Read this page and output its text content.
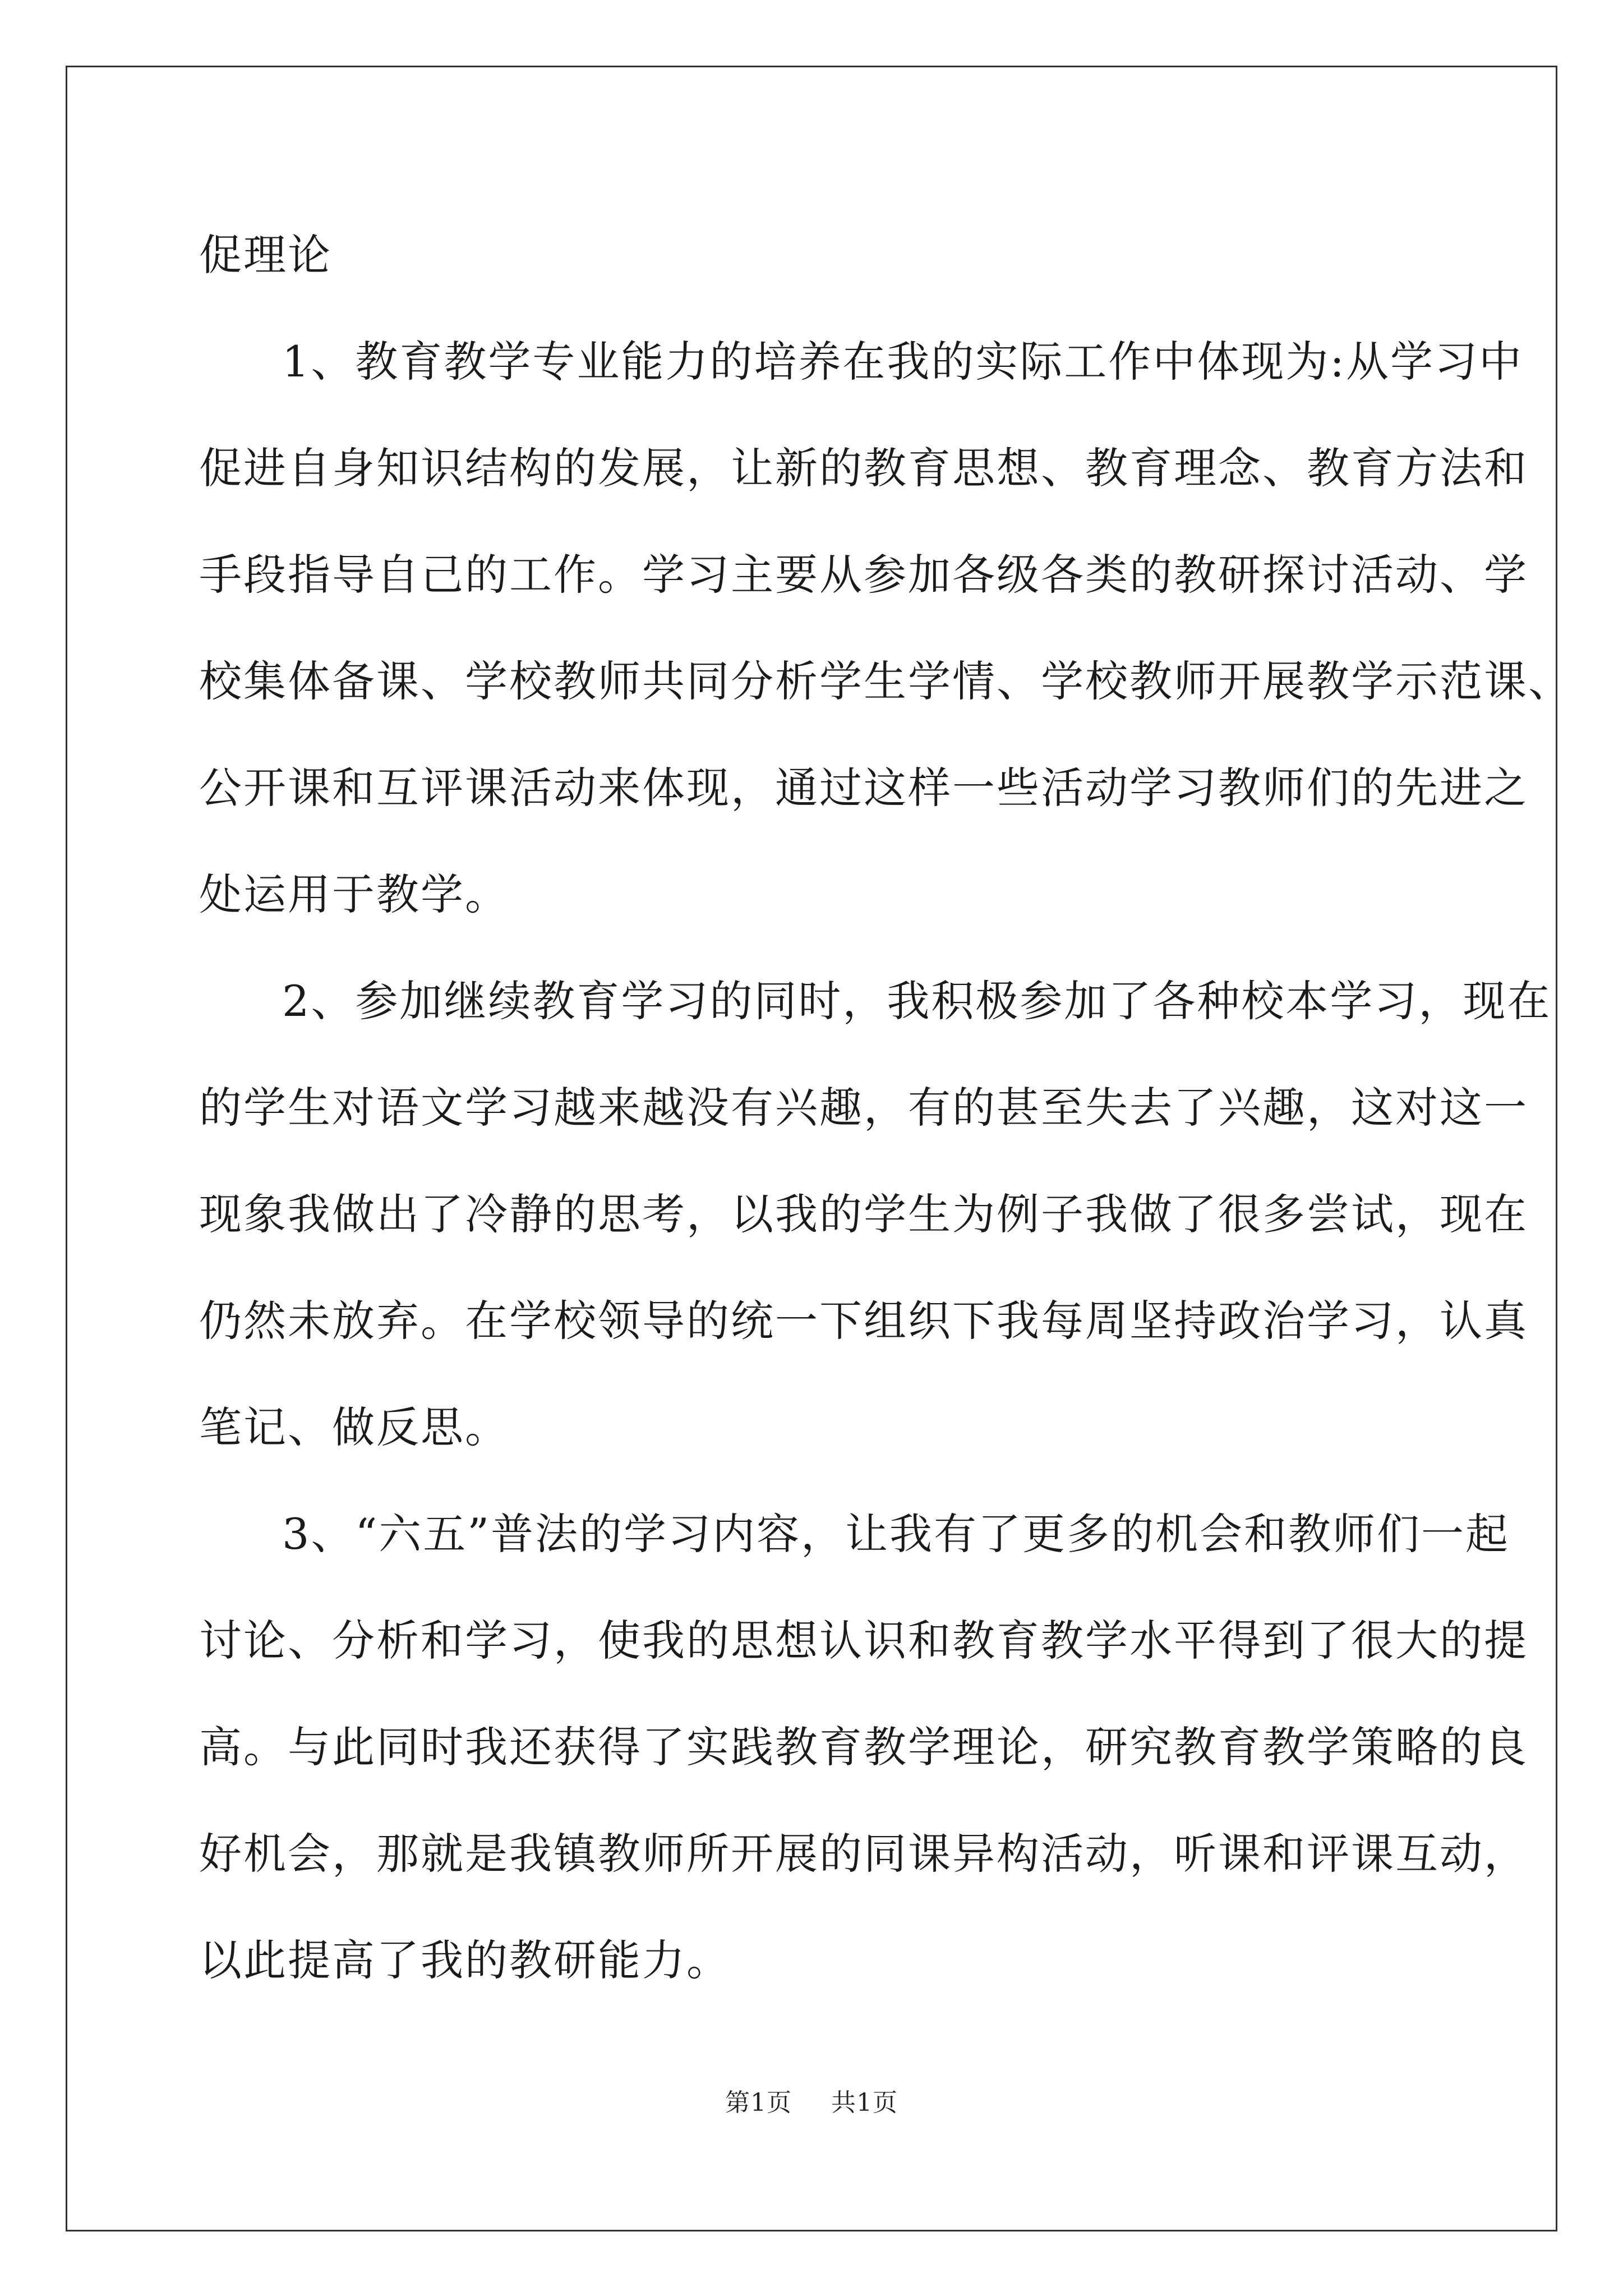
促理论
1、教育教学专业能力的培养在我的实际工作中体现为:从学习中
促进自身知识结构的发展，让新的教育思想、教育理念、教育方法和
手段指导自己的工作。学习主要从参加各级各类的教研探讨活动、学
校集体备课、学校教师共同分析学生学情、学校教师开展教学示范课、
公开课和互评课活动来体现，通过这样一些活动学习教师们的先进之
处运用于教学。
2、参加继续教育学习的同时，我积极参加了各种校本学习，现在
的学生对语文学习越来越没有兴趣，有的甚至失去了兴趣，这对这一
现象我做出了冷静的思考，以我的学生为例子我做了很多尝试，现在
仍然未放弃。在学校领导的统一下组织下我每周坚持政治学习，认真
笔记、做反思。
3、“六五”普法的学习内容，让我有了更多的机会和教师们一起
讨论、分析和学习，使我的思想认识和教育教学水平得到了很大的提
高。与此同时我还获得了实践教育教学理论，研究教育教学策略的良
好机会，那就是我镇教师所开展的同课异构活动，听课和评课互动，
以此提高了我的教研能力。
第1页 共1页
